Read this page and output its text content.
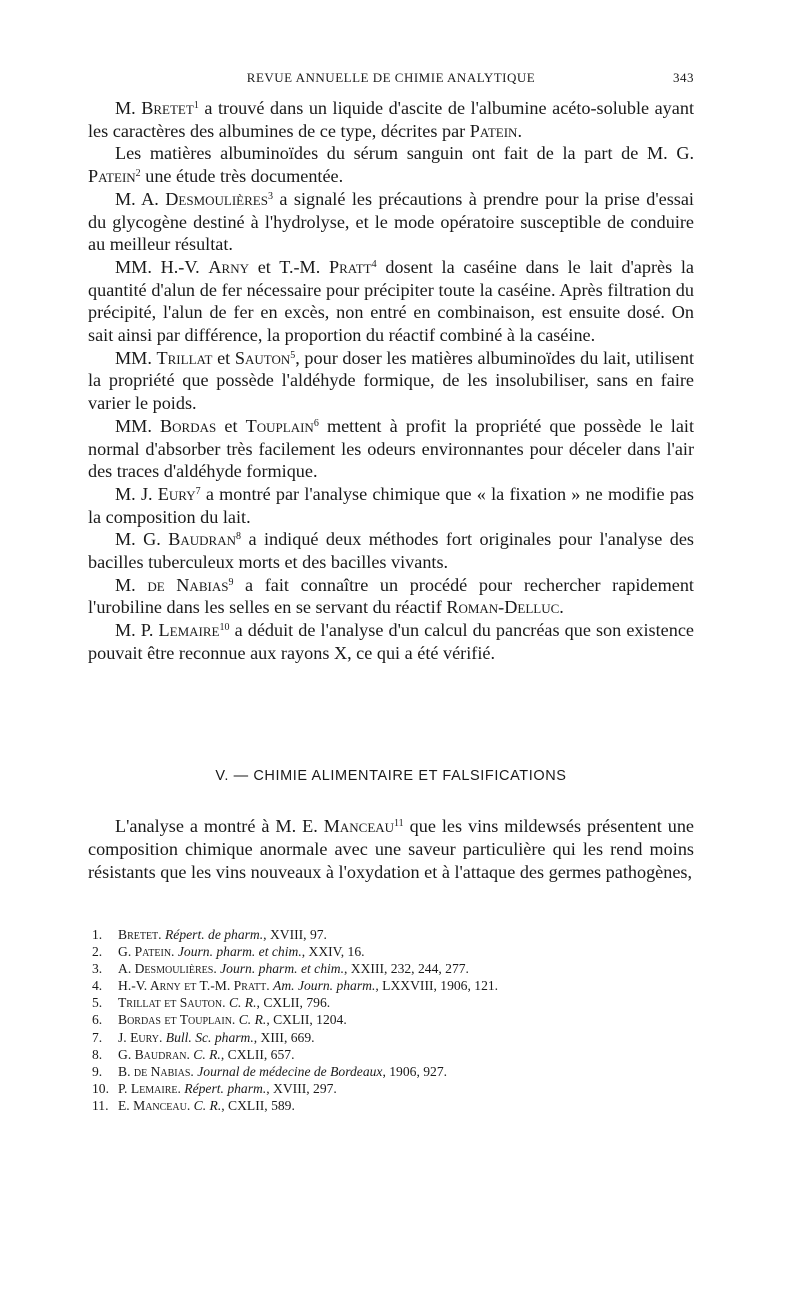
REVUE ANNUELLE DE CHIMIE ANALYTIQUE	343

M. Bretet$^1$ a trouvé dans un liquide d'ascite de l'albumine acéto-soluble ayant les caractères des albumines de ce type, décrites par Patein.

Les matières albuminoïdes du sérum sanguin ont fait de la part de M. G. Patein$^2$ une étude très documentée.

M. A. Desmoulières$^3$ a signalé les précautions à prendre pour la prise d'essai du glycogène destiné à l'hydrolyse, et le mode opératoire susceptible de conduire au meilleur résultat.

MM. H.-V. Arny et T.-M. Pratt$^4$ dosent la caséine dans le lait d'après la quantité d'alun de fer nécessaire pour précipiter toute la caséine. Après filtration du précipité, l'alun de fer en excès, non entré en combinaison, est ensuite dosé. On sait ainsi par différence, la proportion du réactif combiné à la caséine.

MM. Trillat et Sauton$^5$, pour doser les matières albuminoïdes du lait, utilisent la propriété que possède l'aldéhyde formique, de les insolubiliser, sans en faire varier le poids.

MM. Bordas et Touplain$^6$ mettent à profit la propriété que possède le lait normal d'absorber très facilement les odeurs environnantes pour déceler dans l'air des traces d'aldéhyde formique.

M. J. Eury$^7$ a montré par l'analyse chimique que « la fixation » ne modifie pas la composition du lait.

M. G. Baudran$^8$ a indiqué deux méthodes fort originales pour l'analyse des bacilles tuberculeux morts et des bacilles vivants.

M. de Nabias$^9$ a fait connaître un procédé pour rechercher rapidement l'urobiline dans les selles en se servant du réactif Roman-Delluc.

M. P. Lemaire$^{10}$ a déduit de l'analyse d'un calcul du pancréas que son existence pouvait être reconnue aux rayons X, ce qui a été vérifié.

V. — CHIMIE ALIMENTAIRE ET FALSIFICATIONS

L'analyse a montré à M. E. Manceau$^{11}$ que les vins mildewsés présentent une composition chimique anormale avec une saveur particulière qui les rend moins résistants que les vins nouveaux à l'oxydation et à l'attaque des germes pathogènes,

1. Bretet. Répert. de pharm., XVIII, 97.
2. G. Patein. Journ. pharm. et chim., XXIV, 16.
3. A. Desmoulières. Journ. pharm. et chim., XXIII, 232, 244, 277.
4. H.-V. Arny et T.-M. Pratt. Am. Journ. pharm., LXXVIII, 1906, 121.
5. Trillat et Sauton. C. R., CXLII, 796.
6. Bordas et Touplain. C. R., CXLII, 1204.
7. J. Eury. Bull. Sc. pharm., XIII, 669.
8. G. Baudran. C. R., CXLII, 657.
9. B. de Nabias. Journal de médecine de Bordeaux, 1906, 927.
10. P. Lemaire. Répert. pharm., XVIII, 297.
11. E. Manceau. C. R., CXLII, 589.
